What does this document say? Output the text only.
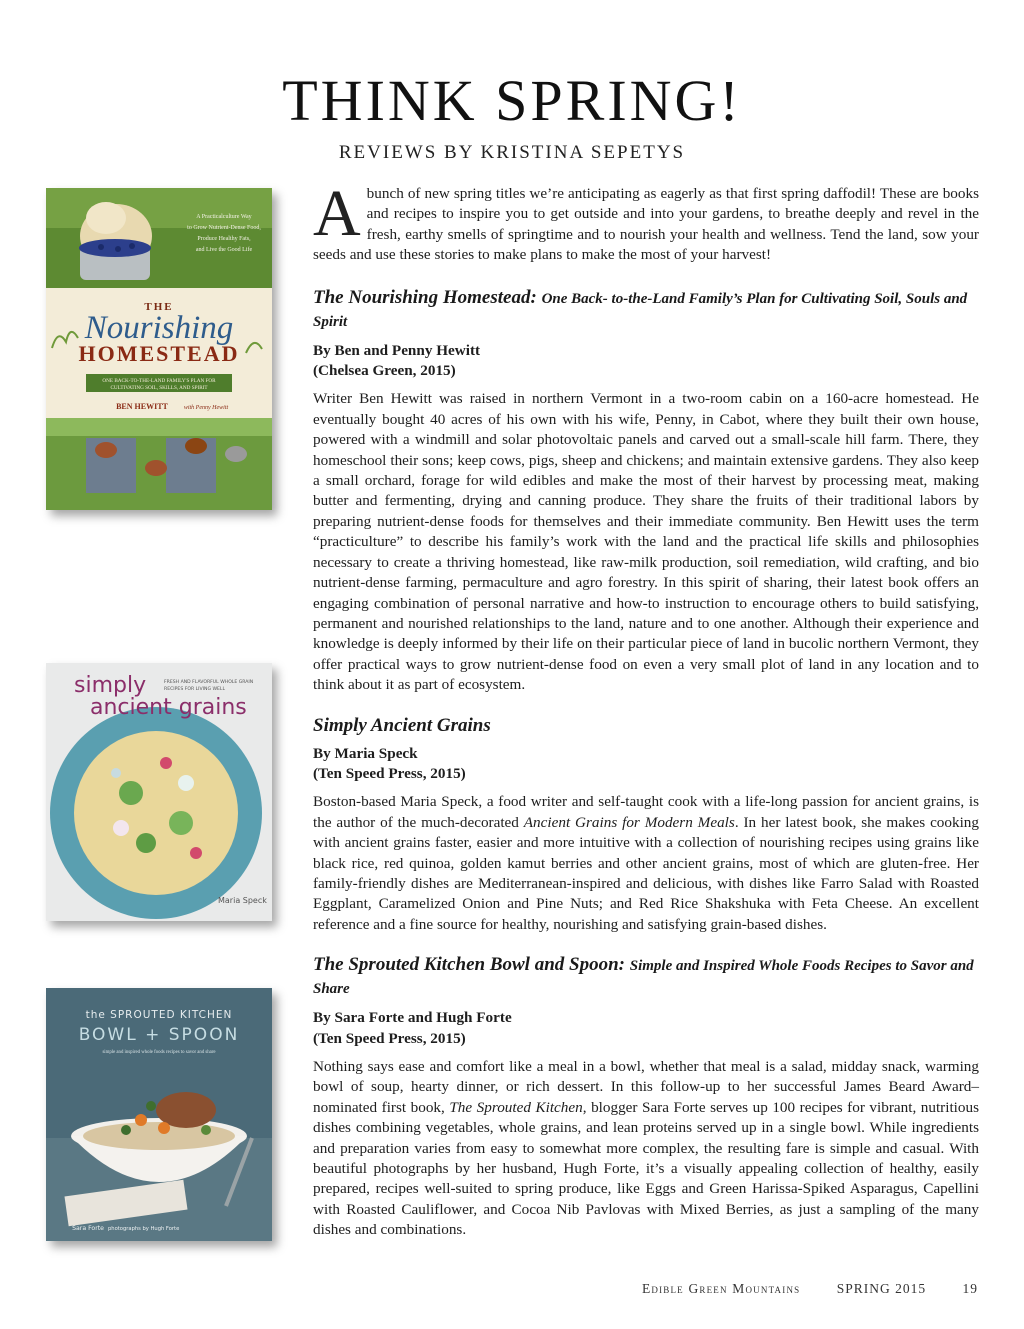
THINK SPRING!
REVIEWS BY KRISTINA SEPETYS
A Practicalculture Way
to Grow Nutrient-Dense Food,
Produce Healthy Fats,
and Live the Good Life
THE
Nourishing
HOMESTEAD
ONE BACK-TO-THE-LAND FAMILY'S PLAN FOR
CULTIVATING SOIL, SKILLS, AND SPIRIT
BEN HEWITT	with Penny Hewitt
simply
ancient grains
FRESH AND FLAVORFUL WHOLE GRAIN
RECIPES FOR LIVING WELL
Maria Speck
the SPROUTED KITCHEN
BOWL + SPOON
simple and inspired whole foods recipes to savor and share
Sara Forte photographs by Hugh Forte
Abunch of new spring titles we’re anticipating as eagerly as that first spring daffodil! These are books and recipes to inspire you to get outside and into your gardens, to breathe deeply and revel in the fresh, earthy smells of springtime and to nourish your health and wellness. Tend the land, sow your seeds and use these stories to make plans to make the most of your harvest!
The Nourishing Homestead: One Back- to-the-Land Family’s Plan for Cultivating Soil, Souls and Spirit
By Ben and Penny Hewitt
(Chelsea Green, 2015)

Writer Ben Hewitt was raised in northern Vermont in a two-room cabin on a 160-acre homestead. He eventually bought 40 acres of his own with his wife, Penny, in Cabot, where they built their own house, powered with a windmill and solar photovoltaic panels and carved out a small-scale hill farm. There, they homeschool their sons; keep cows, pigs, sheep and chickens; and maintain extensive gardens. They also keep a small orchard, forage for wild edibles and make the most of their harvest by processing meat, making butter and fermenting, drying and canning produce. They share the fruits of their traditional labors by preparing nutrient-dense foods for themselves and their immediate community. Ben Hewitt uses the term “practiculture” to describe his family’s work with the land and the practical life skills and philosophies necessary to create a thriving homestead, like raw-milk production, soil remediation, wild crafting, and bio nutrient-dense farming, permaculture and agro forestry. In this spirit of sharing, their latest book offers an engaging combination of personal narrative and how-to instruction to encourage others to build satisfying, permanent and nourished relationships to the land, nature and to one another. Although their experience and knowledge is deeply informed by their life on their particular piece of land in bucolic northern Vermont, they offer practical ways to grow nutrient-dense food on even a very small plot of land in any location and to think about it as part of ecosystem.

Simply Ancient Grains
By Maria Speck
(Ten Speed Press, 2015)

Boston-based Maria Speck, a food writer and self-taught cook with a life-long passion for ancient grains, is the author of the much-decorated Ancient Grains for Modern Meals. In her latest book, she makes cooking with ancient grains faster, easier and more intuitive with a collection of nourishing recipes using grains like black rice, red quinoa, golden kamut berries and other ancient grains, most of which are gluten-free. Her family-friendly dishes are Mediterranean-inspired and delicious, with dishes like Farro Salad with Roasted Eggplant, Caramelized Onion and Pine Nuts; and Red Rice Shakshuka with Feta Cheese. An excellent reference and a fine source for healthy, nourishing and satisfying grain-based dishes.

The Sprouted Kitchen Bowl and Spoon: Simple and Inspired Whole Foods Recipes to Savor and Share
By Sara Forte and Hugh Forte
(Ten Speed Press, 2015)

Nothing says ease and comfort like a meal in a bowl, whether that meal is a salad, midday snack, warming bowl of soup, hearty dinner, or rich dessert. In this follow-up to her successful James Beard Award–nominated first book, The Sprouted Kitchen, blogger Sara Forte serves up 100 recipes for vibrant, nutritious dishes combining vegetables, whole grains, and lean proteins served up in a single bowl. While ingredients and preparation varies from easy to somewhat more complex, the resulting fare is simple and casual. With beautiful photographs by her husband, Hugh Forte, it’s a visually appealing collection of healthy, easily prepared, recipes well-suited to spring produce, like Eggs and Green Harissa-Spiked Asparagus, Capellini with Roasted Cauliflower, and Cocoa Nib Pavlovas with Mixed Berries, as just a sampling of the many dishes and combinations.

Edible Green Mountains	SPRING 2015	19
